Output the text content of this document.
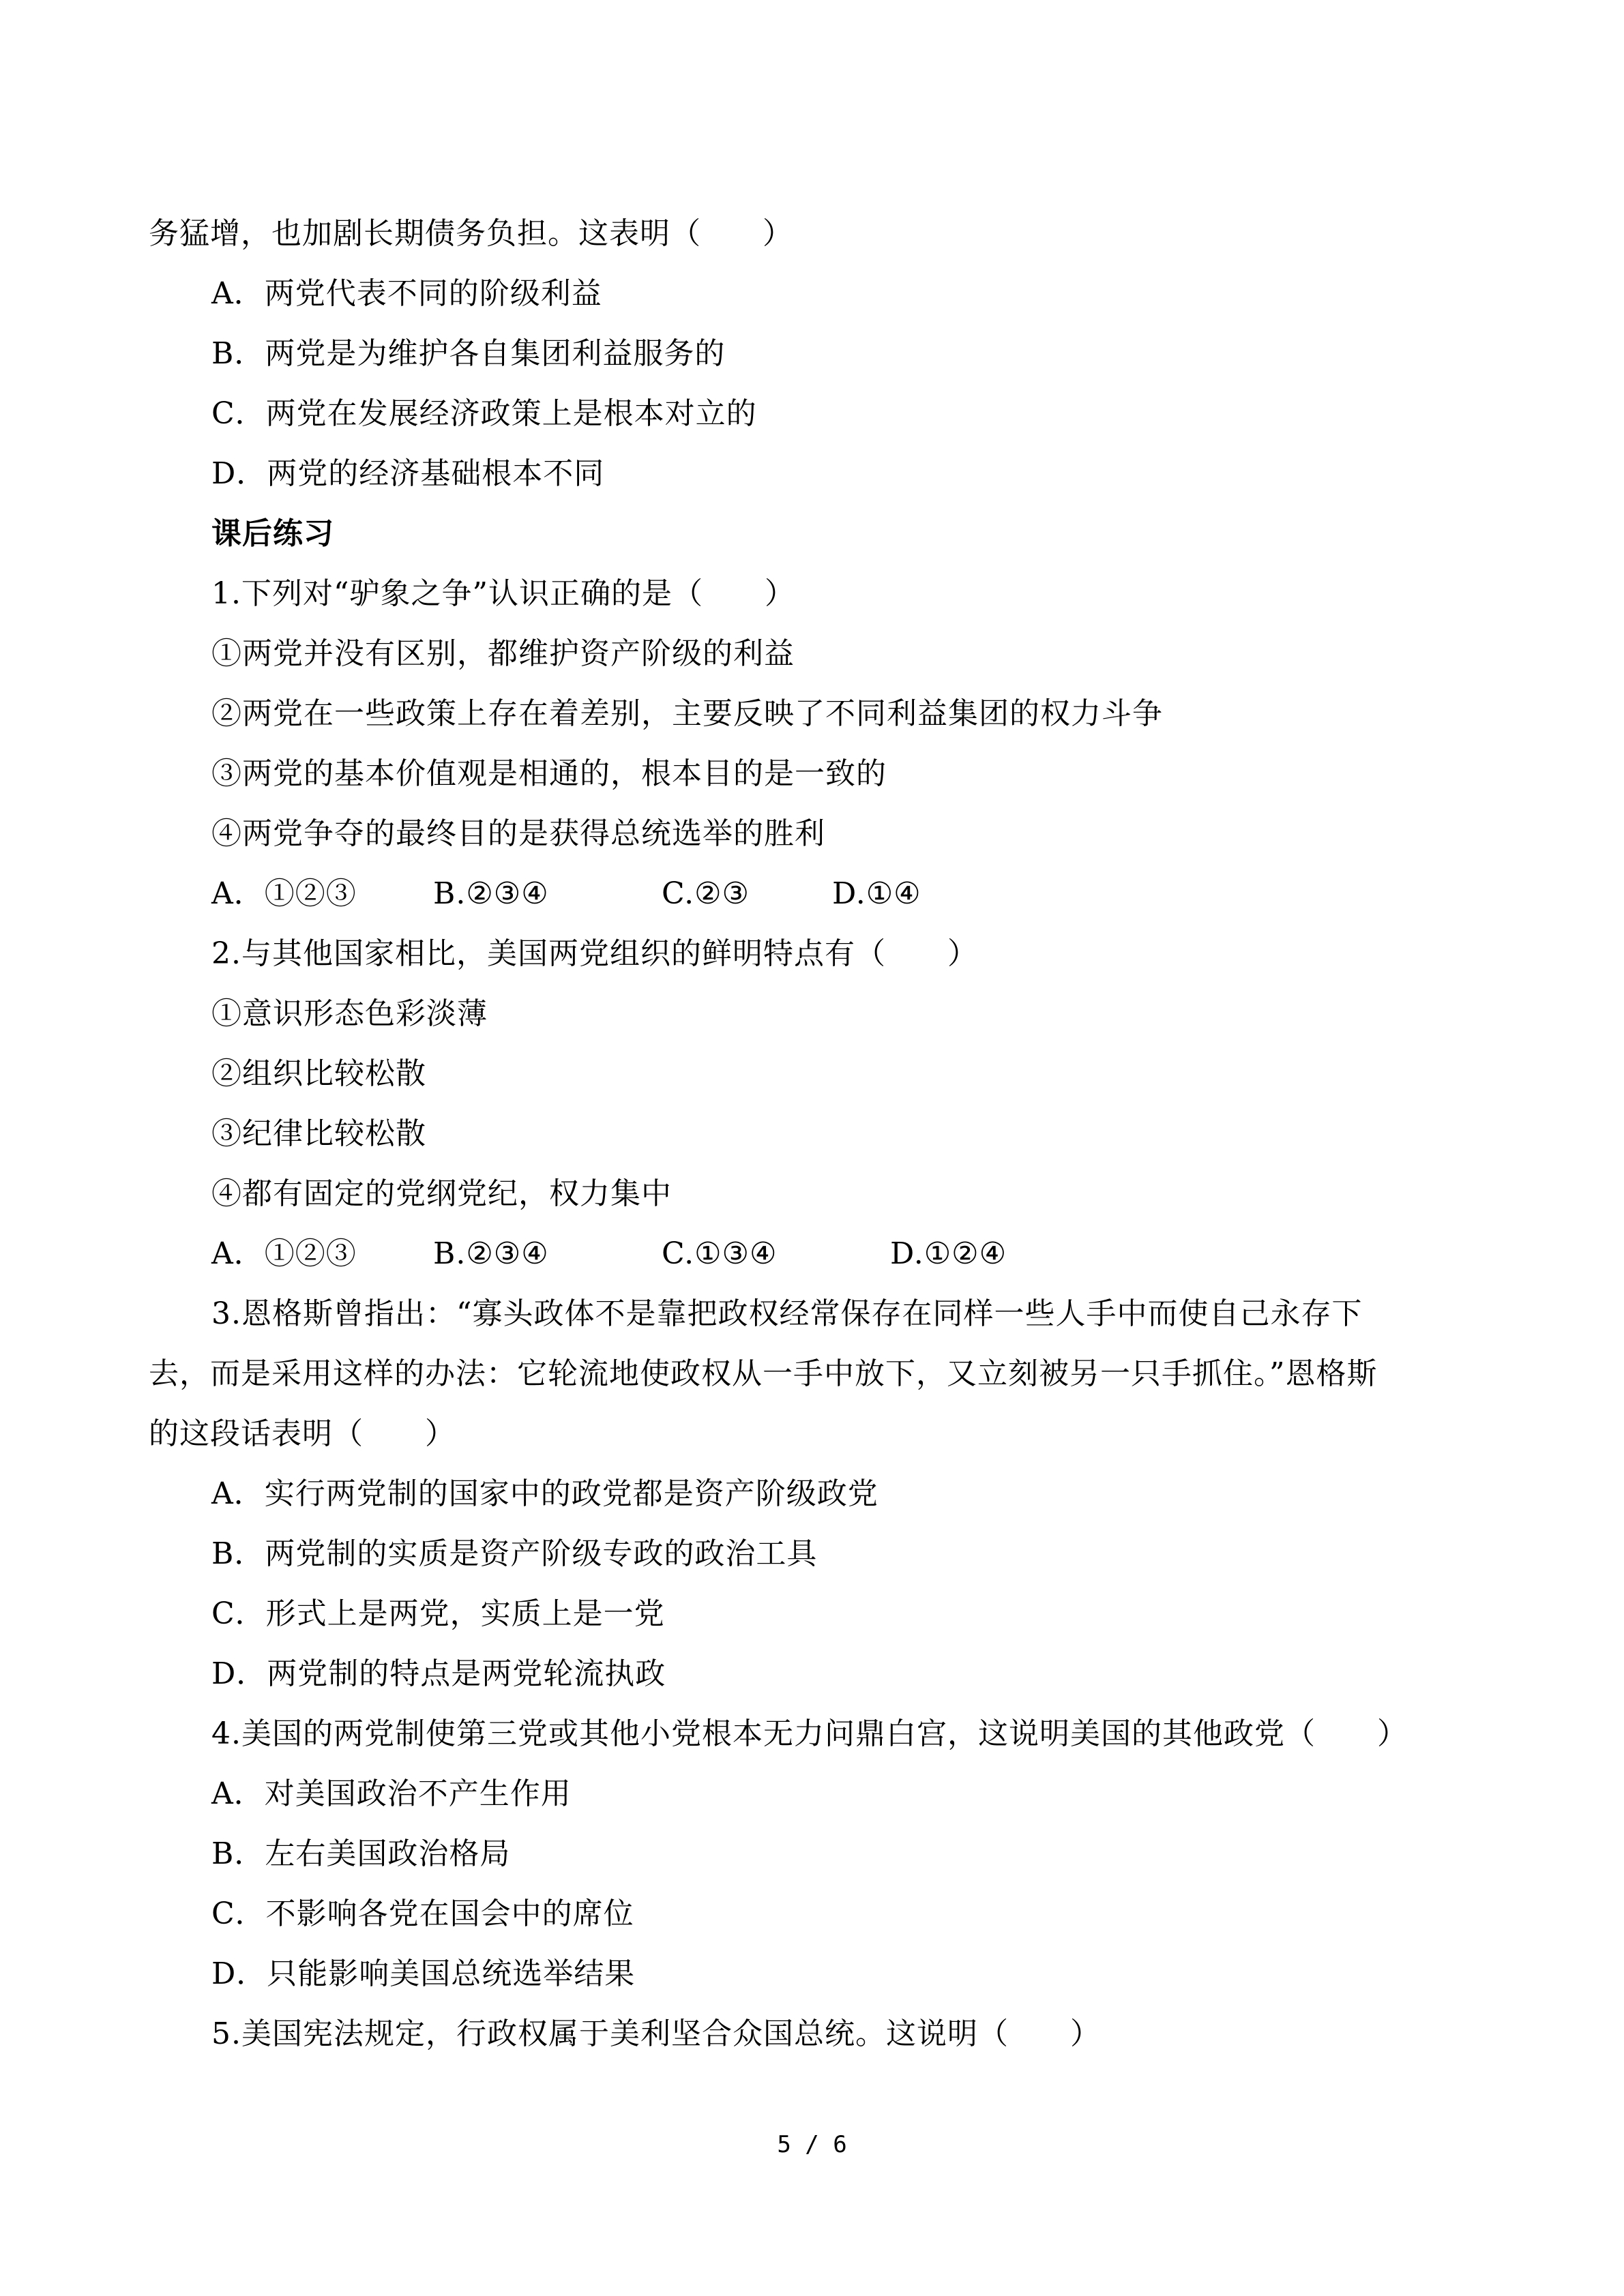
务猛增，也加剧长期债务负担。这表明（　　）
A．两党代表不同的阶级利益
B．两党是为维护各自集团利益服务的
C．两党在发展经济政策上是根本对立的
D．两党的经济基础根本不同
课后练习
1.下列对“驴象之争”认识正确的是（　　）
①两党并没有区别，都维护资产阶级的利益
②两党在一些政策上存在着差别，主要反映了不同利益集团的权力斗争
③两党的基本价值观是相通的，根本目的是一致的
④两党争夺的最终目的是获得总统选举的胜利
A．①②③	B.②③④	C.②③	D.①④
2.与其他国家相比，美国两党组织的鲜明特点有（　　）
①意识形态色彩淡薄
②组织比较松散
③纪律比较松散
④都有固定的党纲党纪，权力集中
A．①②③	B.②③④	C.①③④	D.①②④
3.恩格斯曾指出：“寡头政体不是靠把政权经常保存在同样一些人手中而使自己永存下
去，而是采用这样的办法：它轮流地使政权从一手中放下，又立刻被另一只手抓住。”恩格斯
的这段话表明（　　）
A．实行两党制的国家中的政党都是资产阶级政党
B．两党制的实质是资产阶级专政的政治工具
C．形式上是两党，实质上是一党
D．两党制的特点是两党轮流执政
4.美国的两党制使第三党或其他小党根本无力问鼎白宫，这说明美国的其他政党（　　）
A．对美国政治不产生作用
B．左右美国政治格局
C．不影响各党在国会中的席位
D．只能影响美国总统选举结果
5.美国宪法规定，行政权属于美利坚合众国总统。这说明（　　）
5 / 6
